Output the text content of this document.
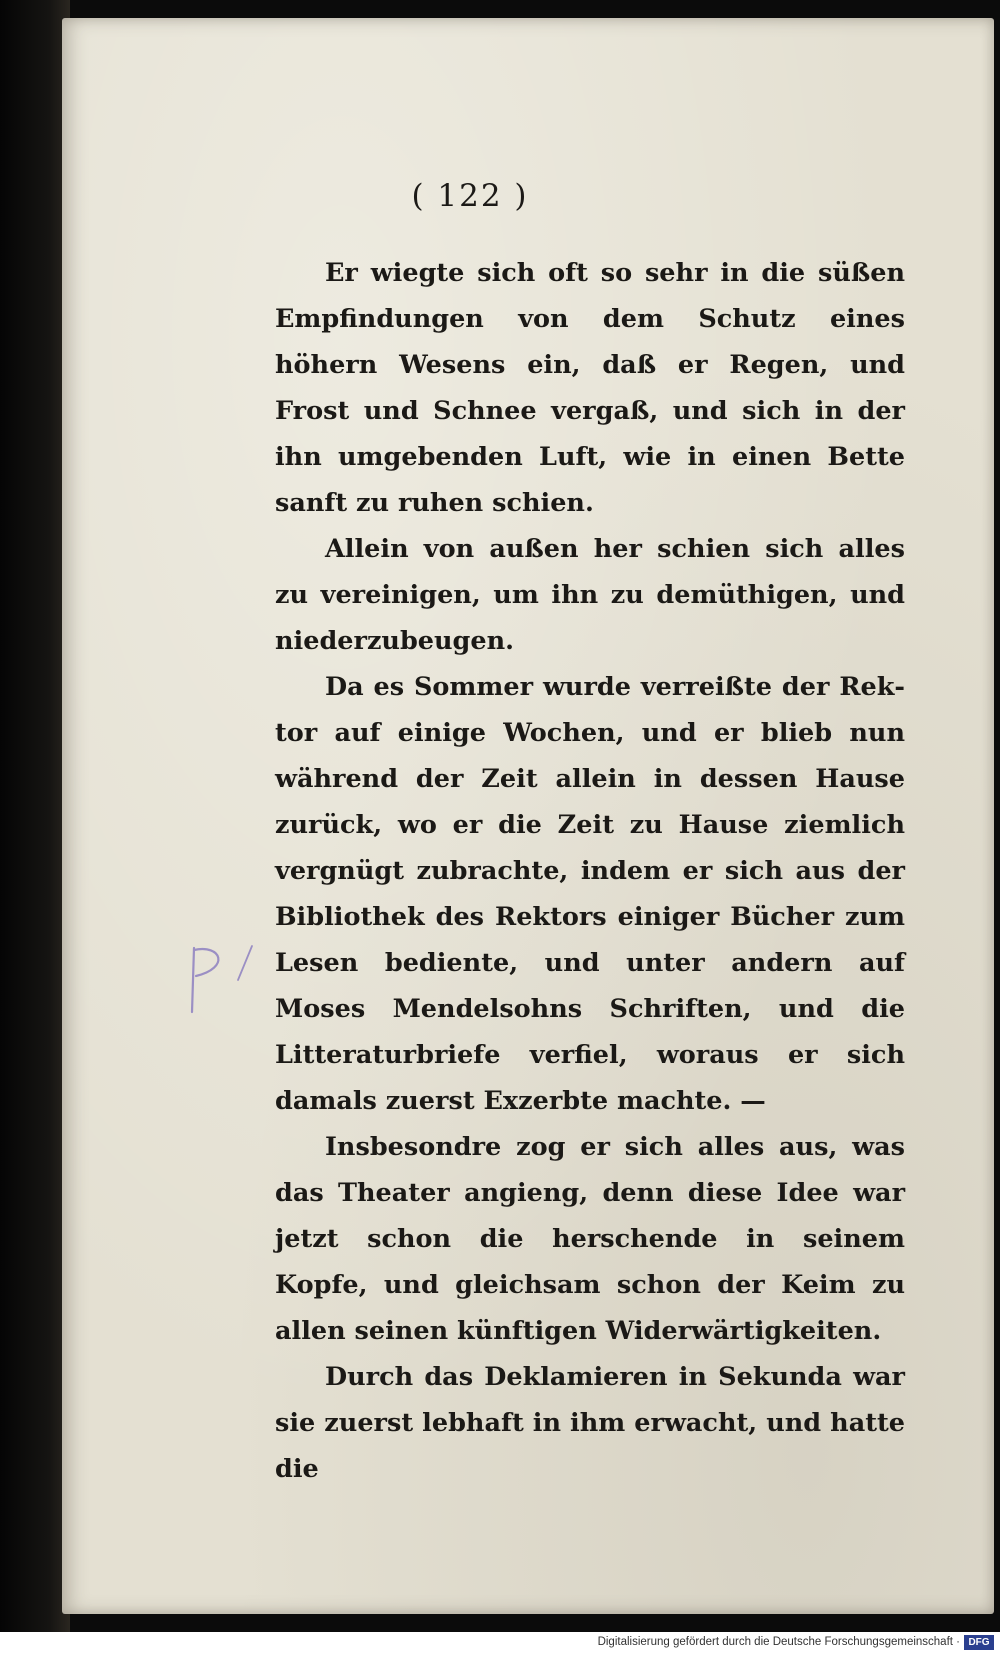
( 122 )

Er wiegte sich oft so sehr in die süßen Empfindungen von dem Schutz eines höhern Wesens ein, daß er Regen, und Frost und Schnee vergaß, und sich in der ihn umgebenden Luft, wie in einen Bette sanft zu ruhen schien.

Allein von außen her schien sich alles zu vereinigen, um ihn zu demüthigen, und niederzubeugen.

Da es Sommer wurde verreißte der Rektor auf einige Wochen, und er blieb nun während der Zeit allein in dessen Hause zurück, wo er die Zeit zu Hause ziemlich vergnügt zubrachte, indem er sich aus der Bibliothek des Rektors einiger Bücher zum Lesen bediente, und unter andern auf Moses Mendelsohns Schriften, und die Litteraturbriefe verfiel, woraus er sich damals zuerst Exzerbte machte. —

Insbesondre zog er sich alles aus, was das Theater angieng, denn diese Idee war jetzt schon die herschende in seinem Kopfe, und gleichsam schon der Keim zu allen seinen künftigen Widerwärtigkeiten.

Durch das Deklamieren in Sekunda war sie zuerst lebhaft in ihm erwacht, und hatte die

Digitalisierung gefördert durch die Deutsche Forschungsgemeinschaft · DFG
